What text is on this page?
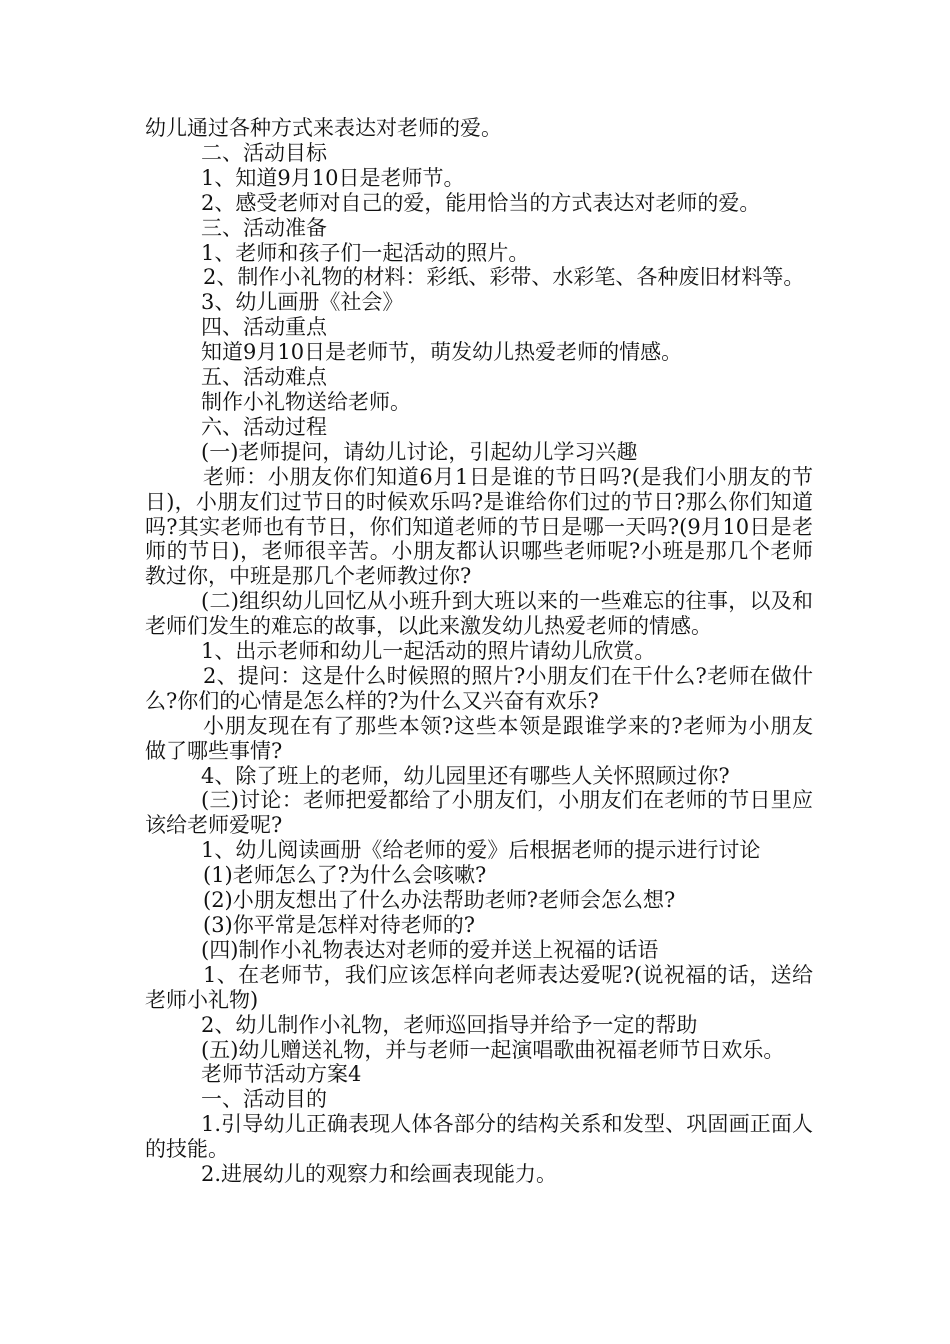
幼儿通过各种方式来表达对老师的爱。

二、活动目标

1、知道9月10日是老师节。

2、感受老师对自己的爱，能用恰当的方式表达对老师的爱。

三、活动准备

1、老师和孩子们一起活动的照片。

2、制作小礼物的材料：彩纸、彩带、水彩笔、各种废旧材料等。

3、幼儿画册《社会》

四、活动重点

知道9月10日是老师节，萌发幼儿热爱老师的情感。

五、活动难点

制作小礼物送给老师。

六、活动过程

(一)老师提问，请幼儿讨论，引起幼儿学习兴趣

老师：小朋友你们知道6月1日是谁的节日吗?(是我们小朋友的节日)，小朋友们过节日的时候欢乐吗?是谁给你们过的节日?那么你们知道吗?其实老师也有节日，你们知道老师的节日是哪一天吗?(9月10日是老师的节日)，老师很辛苦。小朋友都认识哪些老师呢?小班是那几个老师教过你，中班是那几个老师教过你?

(二)组织幼儿回忆从小班升到大班以来的一些难忘的往事，以及和老师们发生的难忘的故事，以此来激发幼儿热爱老师的情感。

1、出示老师和幼儿一起活动的照片请幼儿欣赏。

2、提问：这是什么时候照的照片?小朋友们在干什么?老师在做什么?你们的心情是怎么样的?为什么又兴奋有欢乐?

小朋友现在有了那些本领?这些本领是跟谁学来的?老师为小朋友做了哪些事情?

4、除了班上的老师，幼儿园里还有哪些人关怀照顾过你?

(三)讨论：老师把爱都给了小朋友们，小朋友们在老师的节日里应该给老师爱呢?

1、幼儿阅读画册《给老师的爱》后根据老师的提示进行讨论

(1)老师怎么了?为什么会咳嗽?

(2)小朋友想出了什么办法帮助老师?老师会怎么想?

(3)你平常是怎样对待老师的?

(四)制作小礼物表达对老师的爱并送上祝福的话语

1、在老师节，我们应该怎样向老师表达爱呢?(说祝福的话，送给老师小礼物)

2、幼儿制作小礼物，老师巡回指导并给予一定的帮助

(五)幼儿赠送礼物，并与老师一起演唱歌曲祝福老师节日欢乐。

老师节活动方案4

一、活动目的

1.引导幼儿正确表现人体各部分的结构关系和发型、巩固画正面人的技能。

2.进展幼儿的观察力和绘画表现能力。
